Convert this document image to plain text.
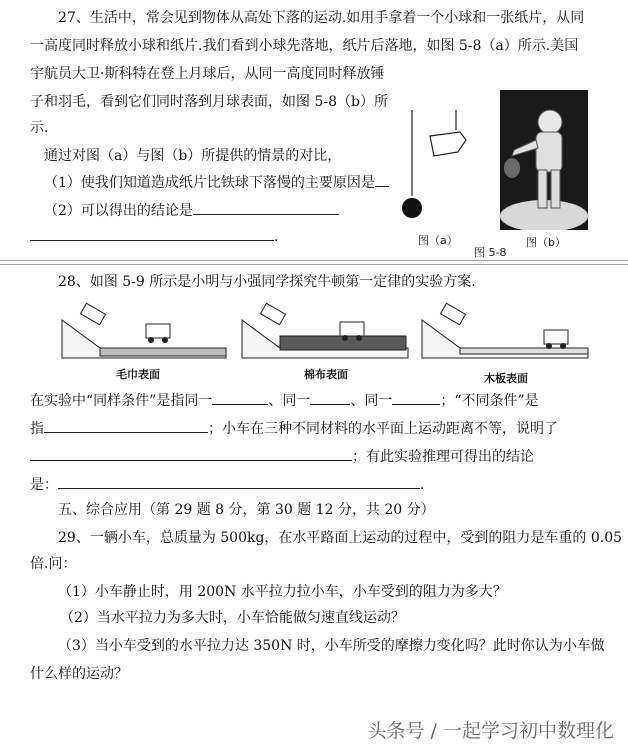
27、生活中，常会见到物体从高处下落的运动.如用手拿着一个小球和一张纸片，从同
一高度同时释放小球和纸片.我们看到小球先落地，纸片后落地，如图 5-8（a）所示.美国
宇航员大卫·斯科特在登上月球后，从同一高度同时释放锤
子和羽毛，看到它们同时落到月球表面，如图 5-8（b）所
示.
通过对图（a）与图（b）所提供的情景的对比，
（1）使我们知道造成纸片比铁球下落慢的主要原因是
（2）可以得出的结论是
.	图（a）	图（b）
图 5-8
28、如图 5-9 所示是小明与小强同学探究牛顿第一定律的实验方案.
毛巾表面	棉布表面	木板表面
在实验中“同样条件”是指同一	、同一	、同一	；“不同条件”是
指	；小车在三种不同材料的水平面上运动距离不等，说明了
；有此实验推理可得出的结论
是：	.
五、综合应用（第 29 题 8 分，第 30 题 12 分，共 20 分）
29、一辆小车，总质量为 500kg，在水平路面上运动的过程中，受到的阻力是车重的 0.05
倍.问：
（1）小车静止时，用 200N 水平拉力拉小车，小车受到的阻力为多大？
（2）当水平拉力为多大时，小车恰能做匀速直线运动？
（3）当小车受到的水平拉力达 350N 时，小车所受的摩擦力变化吗？此时你认为小车做
什么样的运动？
头条号 / 一起学习初中数理化
